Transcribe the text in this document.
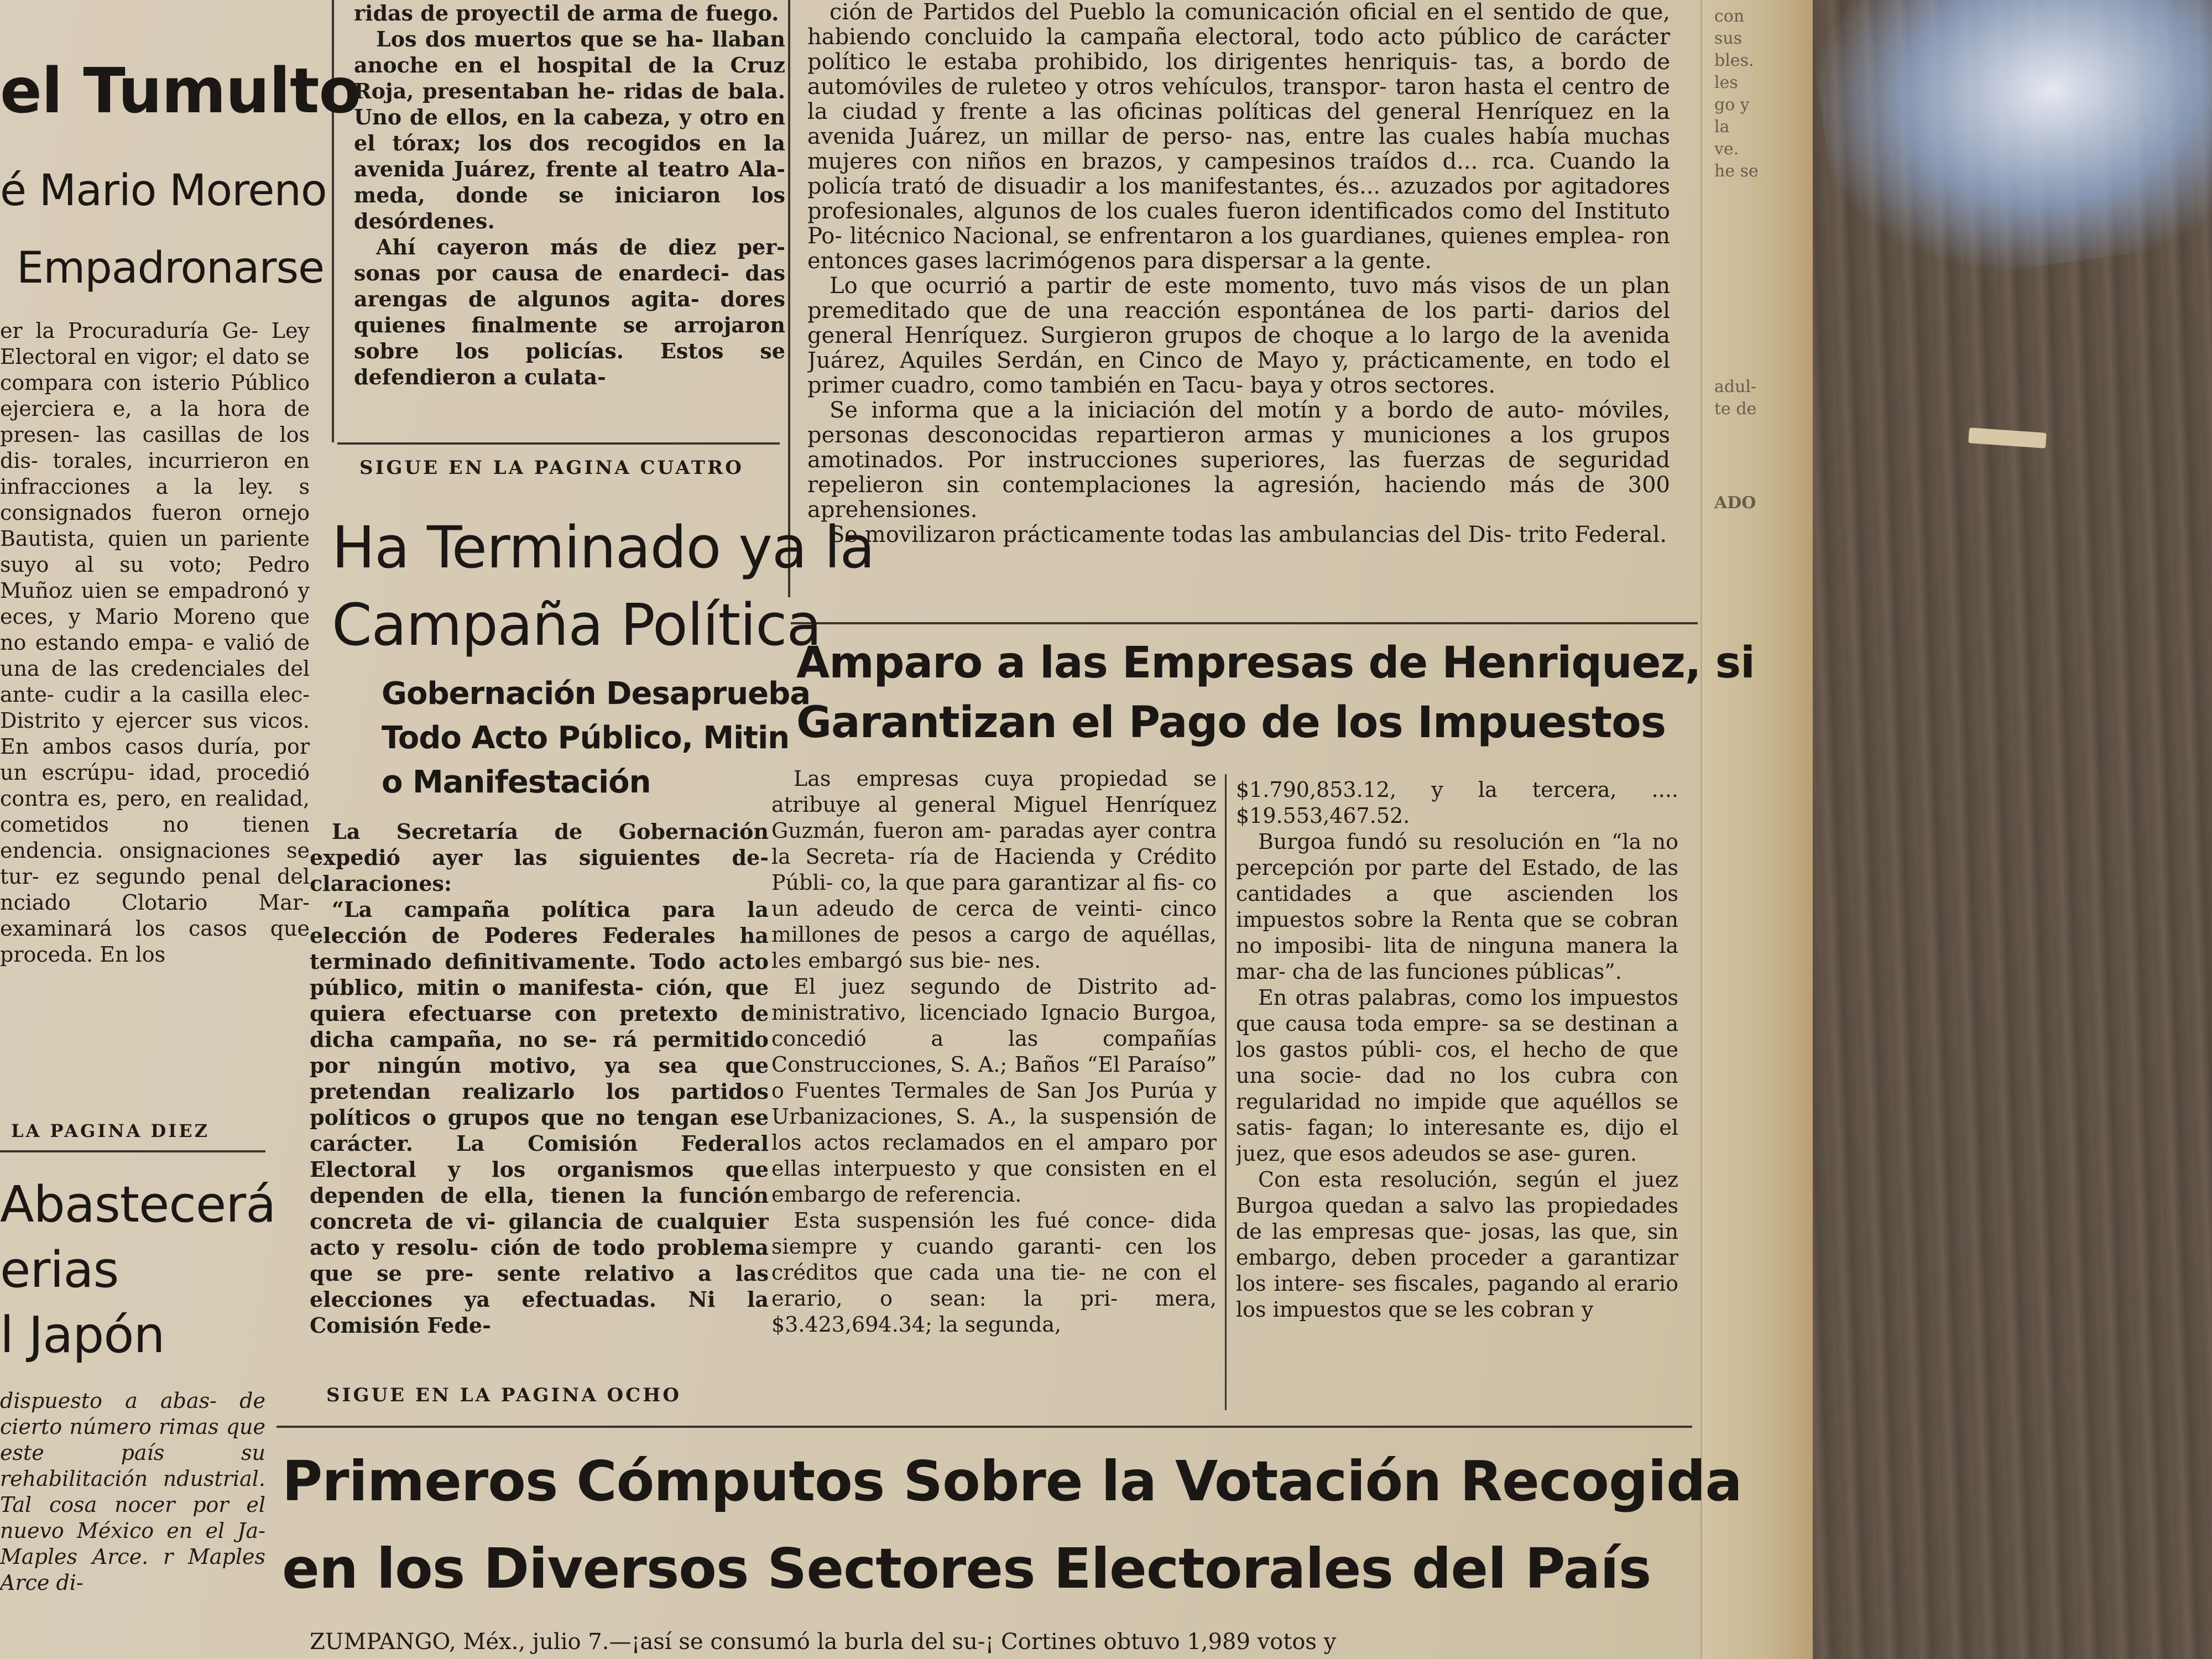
con
sus
bles.
les
go y
la
ve.
he se
adul-
te de
ADO
el Tumulto
é Mario Moreno
Empadronarse

er la Procuraduría Ge- Ley Electoral en vigor; el dato se compara con isterio Público ejerciera e, a la hora de presen- las casillas de los dis- torales, incurrieron en infracciones a la ley. s consignados fueron ornejo Bautista, quien un pariente suyo al su voto; Pedro Muñoz uien se empadronó y eces, y Mario Moreno que no estando empa- e valió de una de las credenciales del ante- cudir a la casilla elec- Distrito y ejercer sus vicos. En ambos casos duría, por un escrúpu- idad, procedió contra es, pero, en realidad, cometidos no tienen endencia. onsignaciones se tur- ez segundo penal del nciado Clotario Mar- examinará los casos que proceda. En los

LA PAGINA DIEZ
Abastecerá
erias
l Japón

dispuesto a abas- de cierto número rimas que este país su rehabilitación ndustrial. Tal cosa nocer por el nuevo México en el Ja- Maples Arce. r Maples Arce di-

ridas de proyectil de arma de fuego.

Los dos muertos que se ha- llaban anoche en el hospital de la Cruz Roja, presentaban he- ridas de bala. Uno de ellos, en la cabeza, y otro en el tórax; los dos recogidos en la avenida Juárez, frente al teatro Ala- meda, donde se iniciaron los desórdenes.

Ahí cayeron más de diez per- sonas por causa de enardeci- das arengas de algunos agita- dores quienes finalmente se arrojaron sobre los policías. Estos se defendieron a culata-

SIGUE EN LA PAGINA CUATRO
Ha Terminado ya la
Campaña Política
Gobernación Desaprueba
Todo Acto Público, Mitin
o Manifestación

La Secretaría de Gobernación expedió ayer las siguientes de- claraciones:

“La campaña política para la elección de Poderes Federales ha terminado definitivamente. Todo acto público, mitin o manifesta- ción, que quiera efectuarse con pretexto de dicha campaña, no se- rá permitido por ningún motivo, ya sea que pretendan realizarlo los partidos políticos o grupos que no tengan ese carácter. La Comisión Federal Electoral y los organismos que dependen de ella, tienen la función concreta de vi- gilancia de cualquier acto y resolu- ción de todo problema que se pre- sente relativo a las elecciones ya efectuadas. Ni la Comisión Fede-

SIGUE EN LA PAGINA OCHO

ción de Partidos del Pueblo la comunicación oficial en el sentido de que, habiendo concluido la campaña electoral, todo acto público de carácter político le estaba prohibido, los dirigentes henriquis- tas, a bordo de automóviles de ruleteo y otros vehículos, transpor- taron hasta el centro de la ciudad y frente a las oficinas políticas del general Henríquez en la avenida Juárez, un millar de perso- nas, entre las cuales había muchas mujeres con niños en brazos, y campesinos traídos d... rca. Cuando la policía trató de disuadir a los manifestantes, és... azuzados por agitadores profesionales, algunos de los cuales fueron identificados como del Instituto Po- litécnico Nacional, se enfrentaron a los guardianes, quienes emplea- ron entonces gases lacrimógenos para dispersar a la gente.

Lo que ocurrió a partir de este momento, tuvo más visos de un plan premeditado que de una reacción espontánea de los parti- darios del general Henríquez. Surgieron grupos de choque a lo largo de la avenida Juárez, Aquiles Serdán, en Cinco de Mayo y, prácticamente, en todo el primer cuadro, como también en Tacu- baya y otros sectores.

Se informa que a la iniciación del motín y a bordo de auto- móviles, personas desconocidas repartieron armas y municiones a los grupos amotinados. Por instrucciones superiores, las fuerzas de seguridad repelieron sin contemplaciones la agresión, haciendo más de 300 aprehensiones.

Se movilizaron prácticamente todas las ambulancias del Dis- trito Federal.

Amparo a las Empresas de Henriquez, si
Garantizan el Pago de los Impuestos

Las empresas cuya propiedad se atribuye al general Miguel Henríquez Guzmán, fueron am- paradas ayer contra la Secreta- ría de Hacienda y Crédito Públi- co, la que para garantizar al fis- co un adeudo de cerca de veinti- cinco millones de pesos a cargo de aquéllas, les embargó sus bie- nes.

El juez segundo de Distrito ad- ministrativo, licenciado Ignacio Burgoa, concedió a las compañías Construcciones, S. A.; Baños “El Paraíso” o Fuentes Termales de San Jos Purúa y Urbanizaciones, S. A., la suspensión de los actos reclamados en el amparo por ellas interpuesto y que consisten en el embargo de referencia.

Esta suspensión les fué conce- dida siempre y cuando garanti- cen los créditos que cada una tie- ne con el erario, o sean: la pri- mera, $3.423,694.34; la segunda,

$1.790,853.12, y la tercera, .... $19.553,467.52.

Burgoa fundó su resolución en “la no percepción por parte del Estado, de las cantidades a que ascienden los impuestos sobre la Renta que se cobran no imposibi- lita de ninguna manera la mar- cha de las funciones públicas”.

En otras palabras, como los impuestos que causa toda empre- sa se destinan a los gastos públi- cos, el hecho de que una socie- dad no los cubra con regularidad no impide que aquéllos se satis- fagan; lo interesante es, dijo el juez, que esos adeudos se ase- guren.

Con esta resolución, según el juez Burgoa quedan a salvo las propiedades de las empresas que- josas, las que, sin embargo, deben proceder a garantizar los intere- ses fiscales, pagando al erario los impuestos que se les cobran y

Primeros Cómputos Sobre la Votación Recogida
en los Diversos Sectores Electorales del País
ZUMPANGO, Méx., julio 7.—¡así se consumó la burla del su-¡ Cortines obtuvo 1,989 votos y
